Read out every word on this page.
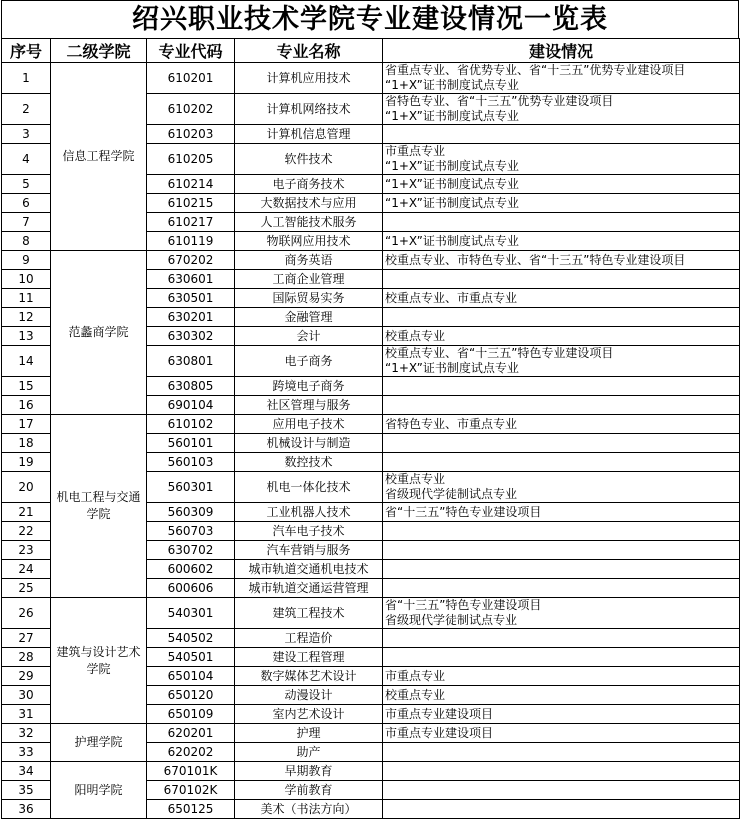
绍兴职业技术学院专业建设情况一览表
序号	二级学院	专业代码	专业名称	建设情况
1	信息工程学院	610201	计算机应用技术	省重点专业、省优势专业、省“十三五”优势专业建设项目
“1+X”证书制度试点专业

2		610202	计算机网络技术	省特色专业、省“十三五”优势专业建设项目
“1+X”证书制度试点专业

3		610203	计算机信息管理	
4		610205	软件技术	市重点专业
“1+X”证书制度试点专业

5		610214	电子商务技术	“1+X”证书制度试点专业

6		610215	大数据技术与应用	“1+X”证书制度试点专业

7		610217	人工智能技术服务	
8		610119	物联网应用技术	“1+X”证书制度试点专业

9	范蠡商学院	670202	商务英语	校重点专业、市特色专业、省“十三五”特色专业建设项目

10		630601	工商企业管理	
11		630501	国际贸易实务	校重点专业、市重点专业

12		630201	金融管理	
13		630302	会计	校重点专业

14		630801	电子商务	校重点专业、省“十三五”特色专业建设项目
“1+X”证书制度试点专业

15		630805	跨境电子商务	
16		690104	社区管理与服务	
17	机电工程与交通学院	610102	应用电子技术	省特色专业、市重点专业

18		560101	机械设计与制造	
19		560103	数控技术	
20		560301	机电一体化技术	校重点专业
省级现代学徒制试点专业

21		560309	工业机器人技术	省“十三五”特色专业建设项目

22		560703	汽车电子技术	
23		630702	汽车营销与服务	
24		600602	城市轨道交通机电技术	
25		600606	城市轨道交通运营管理	
26	建筑与设计艺术学院	540301	建筑工程技术	省“十三五”特色专业建设项目
省级现代学徒制试点专业

27		540502	工程造价	
28		540501	建设工程管理	
29		650104	数字媒体艺术设计	市重点专业

30		650120	动漫设计	校重点专业

31		650109	室内艺术设计	市重点专业建设项目

32	护理学院	620201	护理	市重点专业建设项目

33		620202	助产	
34	阳明学院	670101K	早期教育	
35		670102K	学前教育	
36		650125	美术（书法方向）	
